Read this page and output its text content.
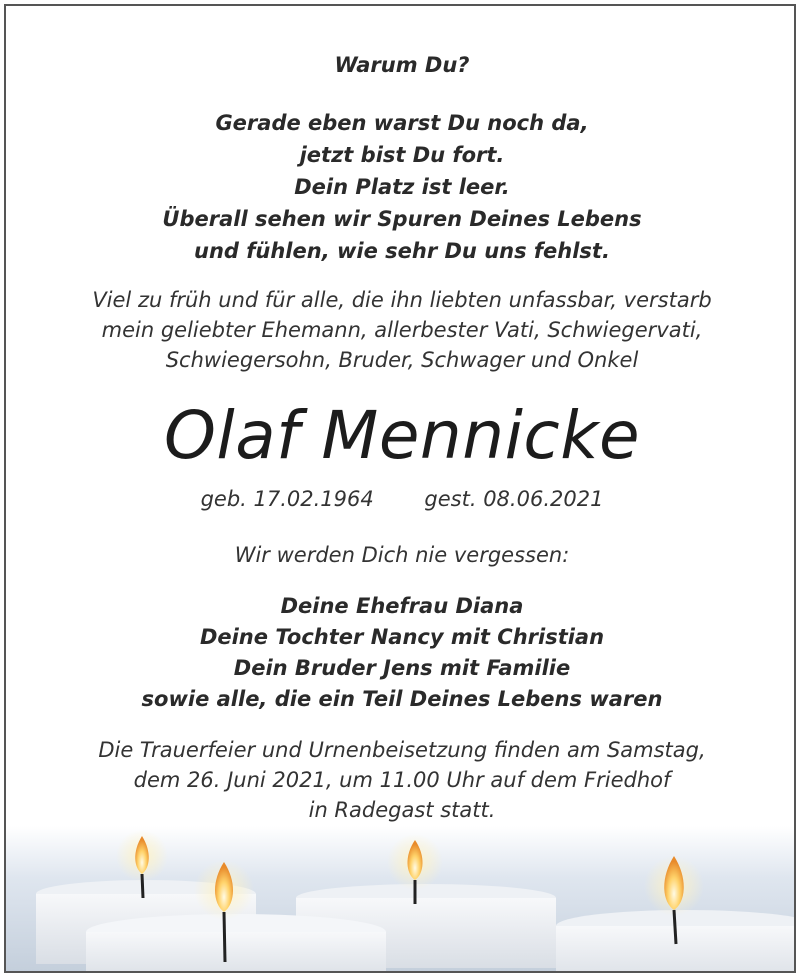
Warum Du?
Gerade eben warst Du noch da,
jetzt bist Du fort.
Dein Platz ist leer.
Überall sehen wir Spuren Deines Lebens
und fühlen, wie sehr Du uns fehlst.
Viel zu früh und für alle, die ihn liebten unfassbar, verstarb
mein geliebter Ehemann, allerbester Vati, Schwiegervati,
Schwiegersohn, Bruder, Schwager und Onkel
Olaf Mennicke
geb. 17.02.1964 gest. 08.06.2021
Wir werden Dich nie vergessen:
Deine Ehefrau Diana
Deine Tochter Nancy mit Christian
Dein Bruder Jens mit Familie
sowie alle, die ein Teil Deines Lebens waren
Die Trauerfeier und Urnenbeisetzung finden am Samstag,
dem 26. Juni 2021, um 11.00 Uhr auf dem Friedhof
in Radegast statt.
